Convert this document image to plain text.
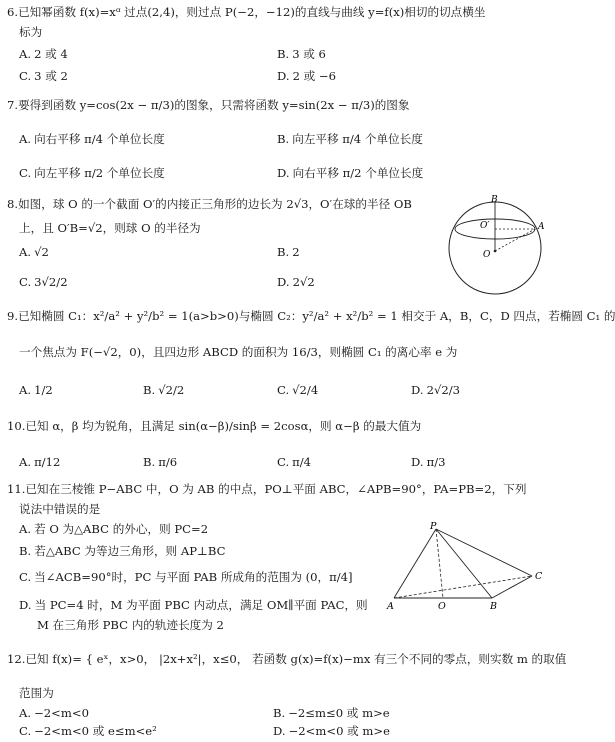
6.已知幂函数 f(x)=xᵅ 过点(2,4)，则过点 P(−2，−12)的直线与曲线 y=f(x)相切的切点横坐
标为
A. 2 或 4	B. 3 或 6
C. 3 或 2	D. 2 或 −6
7.要得到函数 y=cos(2x − π/3)的图象，只需将函数 y=sin(2x − π/3)的图象
A. 向右平移 π/4 个单位长度	B. 向左平移 π/4 个单位长度
C. 向左平移 π/2 个单位长度	D. 向右平移 π/2 个单位长度
8.如图，球 O 的一个截面 O′的内接正三角形的边长为 2√3，O′在球的半径 OB
上，且 O′B=√2，则球 O 的半径为
A. √2	B. 2
C. 3√2/2	D. 2√2
B
O′	A
O
9.已知椭圆 C₁：x²/a² + y²/b² = 1(a>b>0)与椭圆 C₂：y²/a² + x²/b² = 1 相交于 A，B，C，D 四点，若椭圆 C₁ 的
一个焦点为 F(−√2，0)，且四边形 ABCD 的面积为 16/3，则椭圆 C₁ 的离心率 e 为
A. 1/2	B. √2/2	C. √2/4	D. 2√2/3
10.已知 α，β 均为锐角，且满足 sin(α−β)/sinβ = 2cosα，则 α−β 的最大值为
A. π/12	B. π/6	C. π/4	D. π/3
11.已知在三棱锥 P−ABC 中，O 为 AB 的中点，PO⊥平面 ABC，∠APB=90°，PA=PB=2，下列
说法中错误的是
A. 若 O 为△ABC 的外心，则 PC=2
B. 若△ABC 为等边三角形，则 AP⊥BC
C. 当∠ACB=90°时，PC 与平面 PAB 所成角的范围为 (0，π/4]
D. 当 PC=4 时，M 为平面 PBC 内动点，满足 OM∥平面 PAC，则
M 在三角形 PBC 内的轨迹长度为 2
P
C
A	O	B
12.已知 f(x)= { eˣ，x>0， |2x+x²|，x≤0， 若函数 g(x)=f(x)−mx 有三个不同的零点，则实数 m 的取值
范围为
A. −2<m<0	B. −2≤m≤0 或 m>e
C. −2<m<0 或 e≤m<e²	D. −2<m<0 或 m>e
